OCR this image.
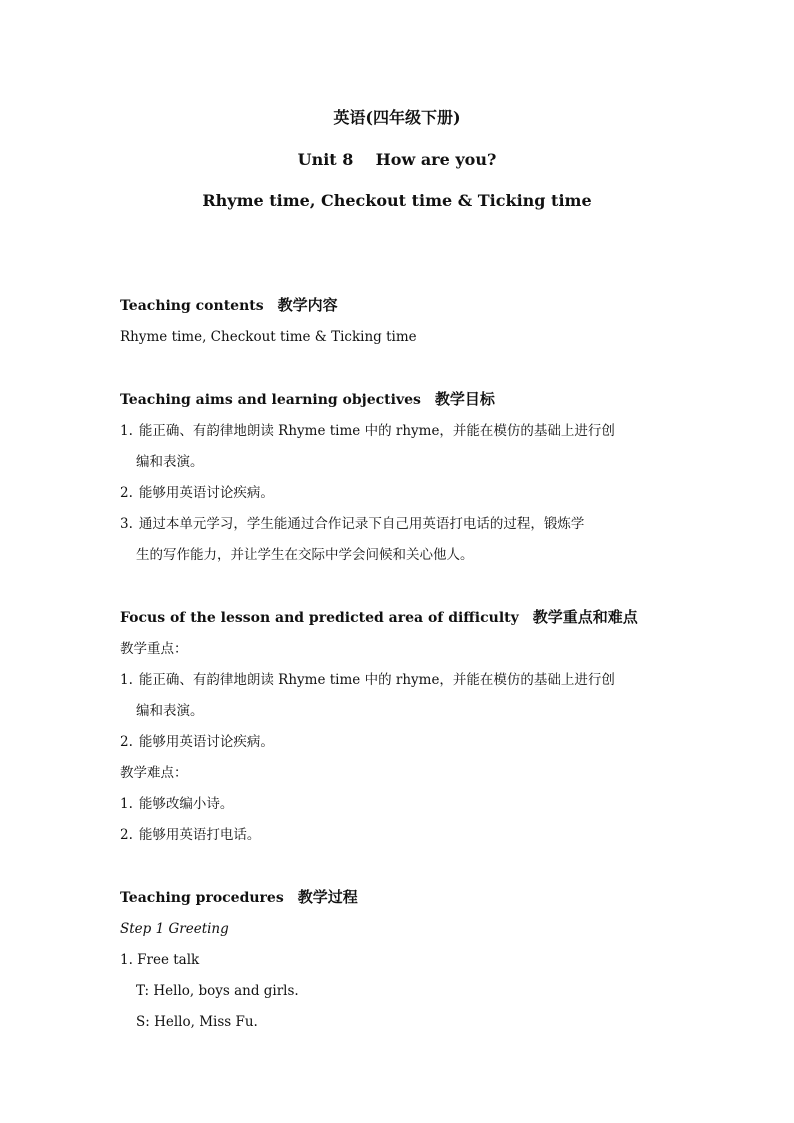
英语(四年级下册)
Unit 8    How are you?
Rhyme time, Checkout time & Ticking time
Teaching contents 教学内容
Rhyme time, Checkout time & Ticking time
Teaching aims and learning objectives 教学目标
1. 能正确、有韵律地朗读 Rhyme time 中的 rhyme，并能在模仿的基础上进行创
编和表演。
2. 能够用英语讨论疾病。
3. 通过本单元学习，学生能通过合作记录下自己用英语打电话的过程，锻炼学
生的写作能力，并让学生在交际中学会问候和关心他人。
Focus of the lesson and predicted area of difficulty 教学重点和难点
教学重点：
1. 能正确、有韵律地朗读 Rhyme time 中的 rhyme，并能在模仿的基础上进行创
编和表演。
2. 能够用英语讨论疾病。
教学难点：
1. 能够改编小诗。
2. 能够用英语打电话。
Teaching procedures 教学过程
Step 1 Greeting
1. Free talk
T: Hello, boys and girls.
S: Hello, Miss Fu.
